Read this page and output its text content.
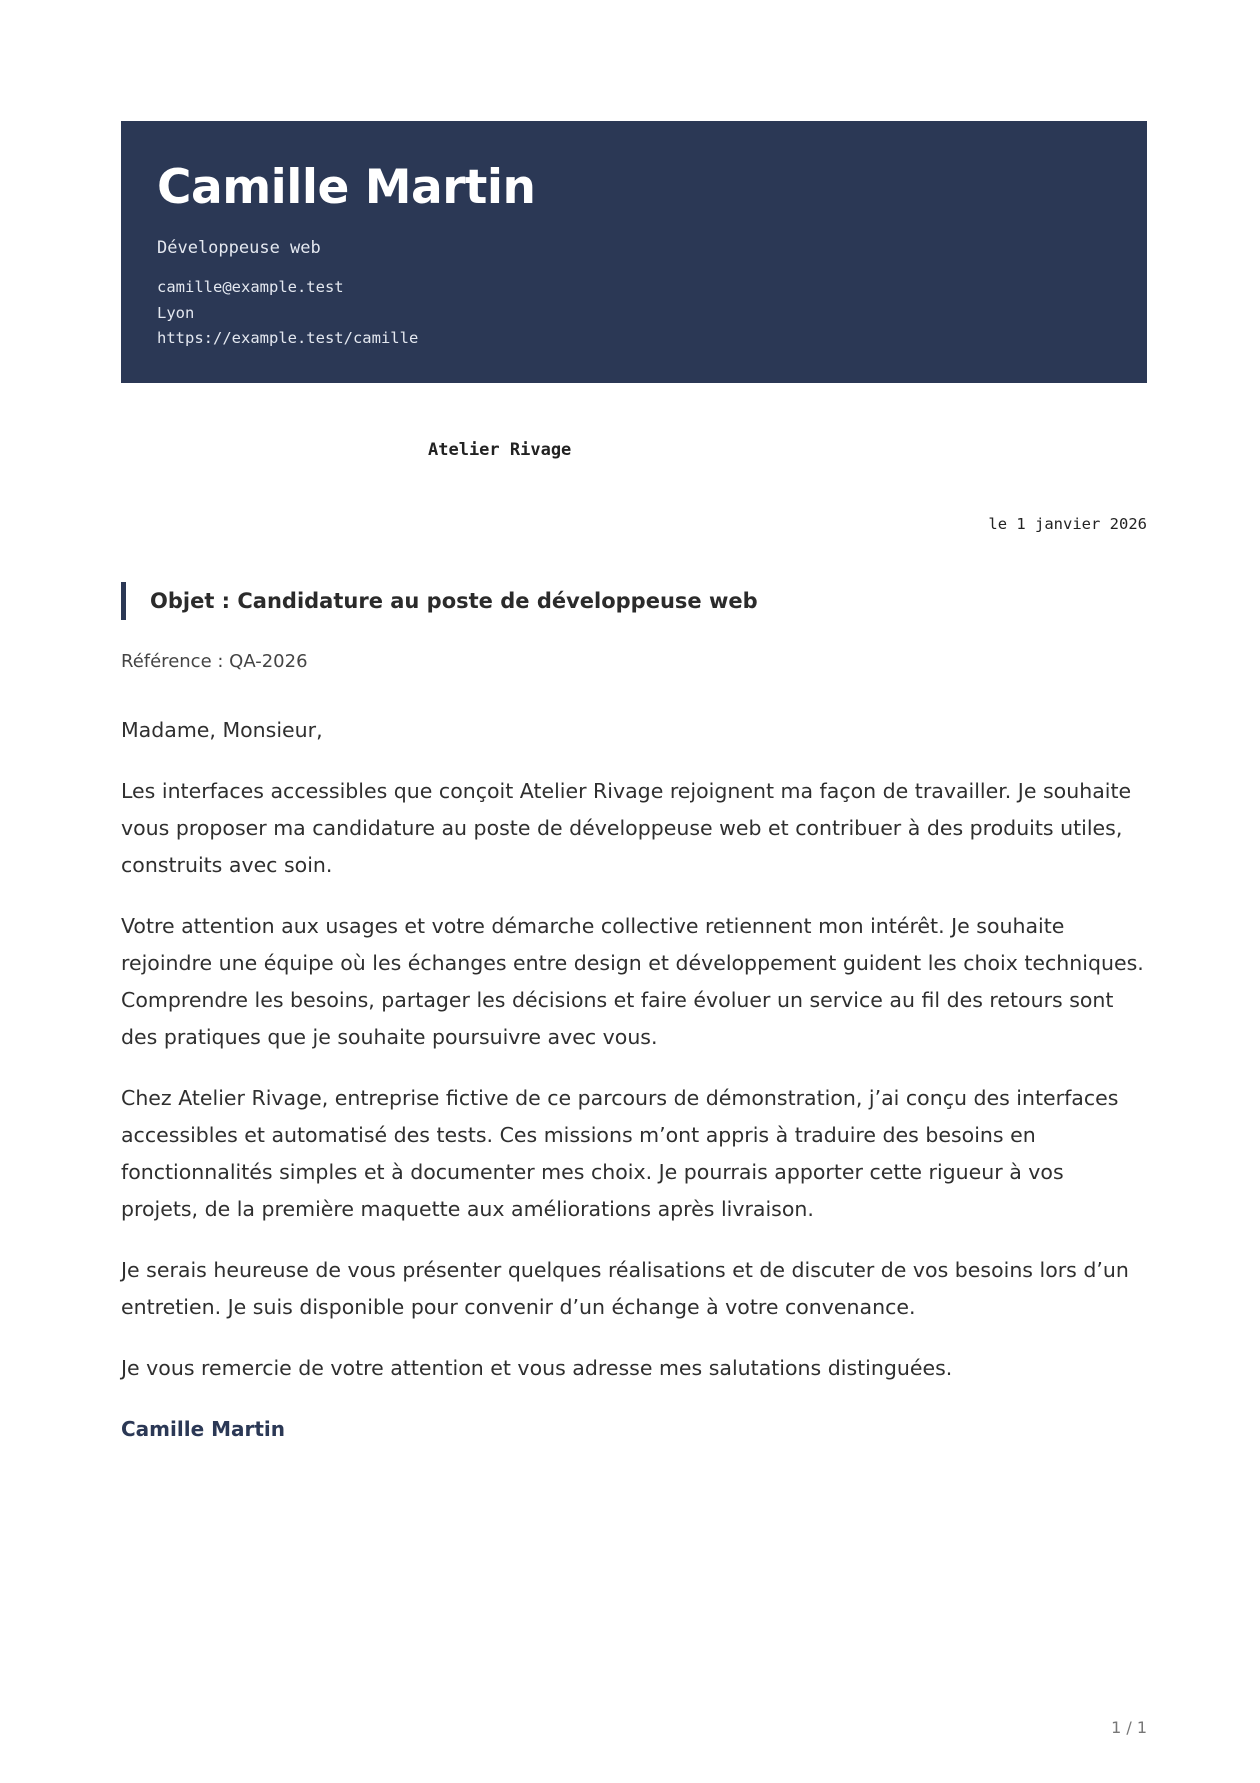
Camille Martin
Développeuse web
camille@example.test
Lyon
https://example.test/camille
Atelier Rivage
le 1 janvier 2026
Objet : Candidature au poste de développeuse web
Référence : QA-2026

Madame, Monsieur,

Les interfaces accessibles que conçoit Atelier Rivage rejoignent ma façon de travailler. Je souhaite vous proposer ma candidature au poste de développeuse web et contribuer à des produits utiles, construits avec soin.

Votre attention aux usages et votre démarche collective retiennent mon intérêt. Je souhaite rejoindre une équipe où les échanges entre design et développement guident les choix techniques. Comprendre les besoins, partager les décisions et faire évoluer un service au fil des retours sont des pratiques que je souhaite poursuivre avec vous.

Chez Atelier Rivage, entreprise fictive de ce parcours de démonstration, j’ai conçu des interfaces accessibles et automatisé des tests. Ces missions m’ont appris à traduire des besoins en fonctionnalités simples et à documenter mes choix. Je pourrais apporter cette rigueur à vos projets, de la première maquette aux améliorations après livraison.

Je serais heureuse de vous présenter quelques réalisations et de discuter de vos besoins lors d’un entretien. Je suis disponible pour convenir d’un échange à votre convenance.

Je vous remercie de votre attention et vous adresse mes salutations distinguées.

Camille Martin
1 / 1
